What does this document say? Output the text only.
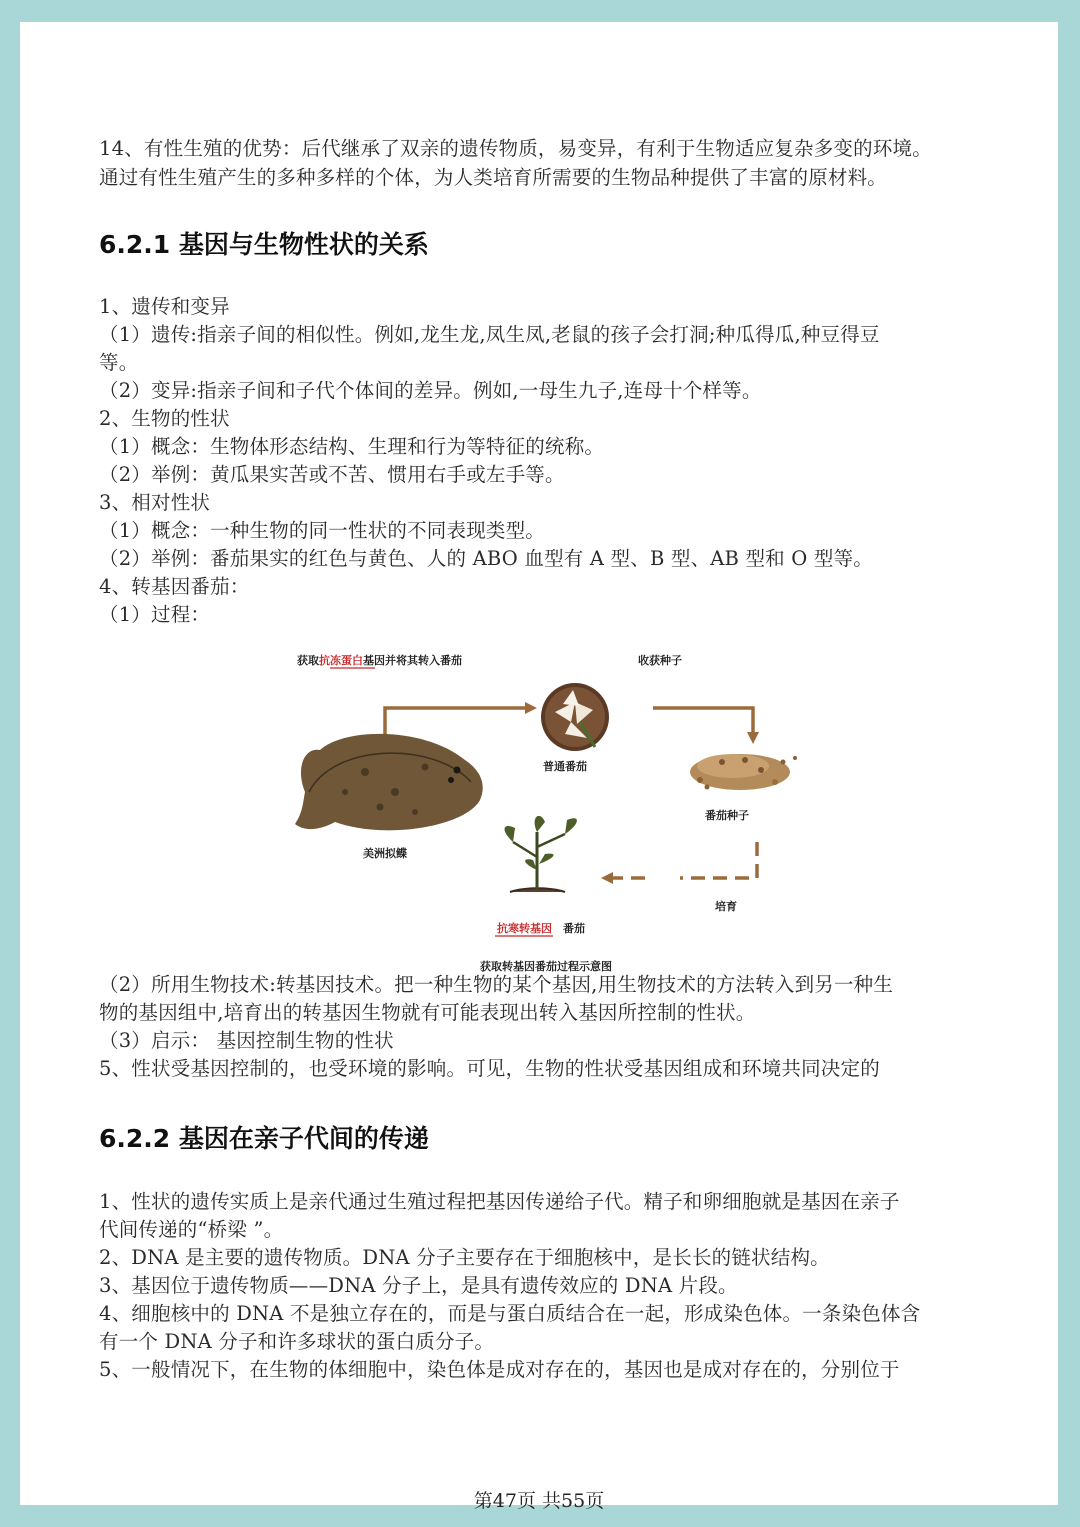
14、有性生殖的优势：后代继承了双亲的遗传物质，易变异，有利于生物适应复杂多变的环境。
通过有性生殖产生的多种多样的个体，为人类培育所需要的生物品种提供了丰富的原材料。
6.2.1 基因与生物性状的关系
1、遗传和变异
（1）遗传:指亲子间的相似性。例如,龙生龙,凤生凤,老鼠的孩子会打洞;种瓜得瓜,种豆得豆
等。
（2）变异:指亲子间和子代个体间的差异。例如,一母生九子,连母十个样等。
2、生物的性状
（1）概念：生物体形态结构、生理和行为等特征的统称。
（2）举例：黄瓜果实苦或不苦、惯用右手或左手等。
3、相对性状
（1）概念：一种生物的同一性状的不同表现类型。
（2）举例：番茄果实的红色与黄色、人的 ABO 血型有 A 型、B 型、AB 型和 O 型等。
4、转基因番茄：
（1）过程：
（2）所用生物技术:转基因技术。把一种生物的某个基因,用生物技术的方法转入到另一种生
物的基因组中,培育出的转基因生物就有可能表现出转入基因所控制的性状。
（3）启示： 基因控制生物的性状
5、性状受基因控制的，也受环境的影响。可见，生物的性状受基因组成和环境共同决定的
6.2.2 基因在亲子代间的传递
1、性状的遗传实质上是亲代通过生殖过程把基因传递给子代。精子和卵细胞就是基因在亲子
代间传递的“桥梁 ”。
2、DNA 是主要的遗传物质。DNA 分子主要存在于细胞核中，是长长的链状结构。
3、基因位于遗传物质——DNA 分子上，是具有遗传效应的 DNA 片段。
4、细胞核中的 DNA 不是独立存在的，而是与蛋白质结合在一起，形成染色体。一条染色体含
有一个 DNA 分子和许多球状的蛋白质分子。
5、一般情况下，在生物的体细胞中，染色体是成对存在的，基因也是成对存在的，分别位于
获取抗冻蛋白基因并将其转入番茄	收获种子
普通番茄
番茄种子
美洲拟鲽
培育
抗寒转基因 番茄
获取转基因番茄过程示意图
第47页 共55页
